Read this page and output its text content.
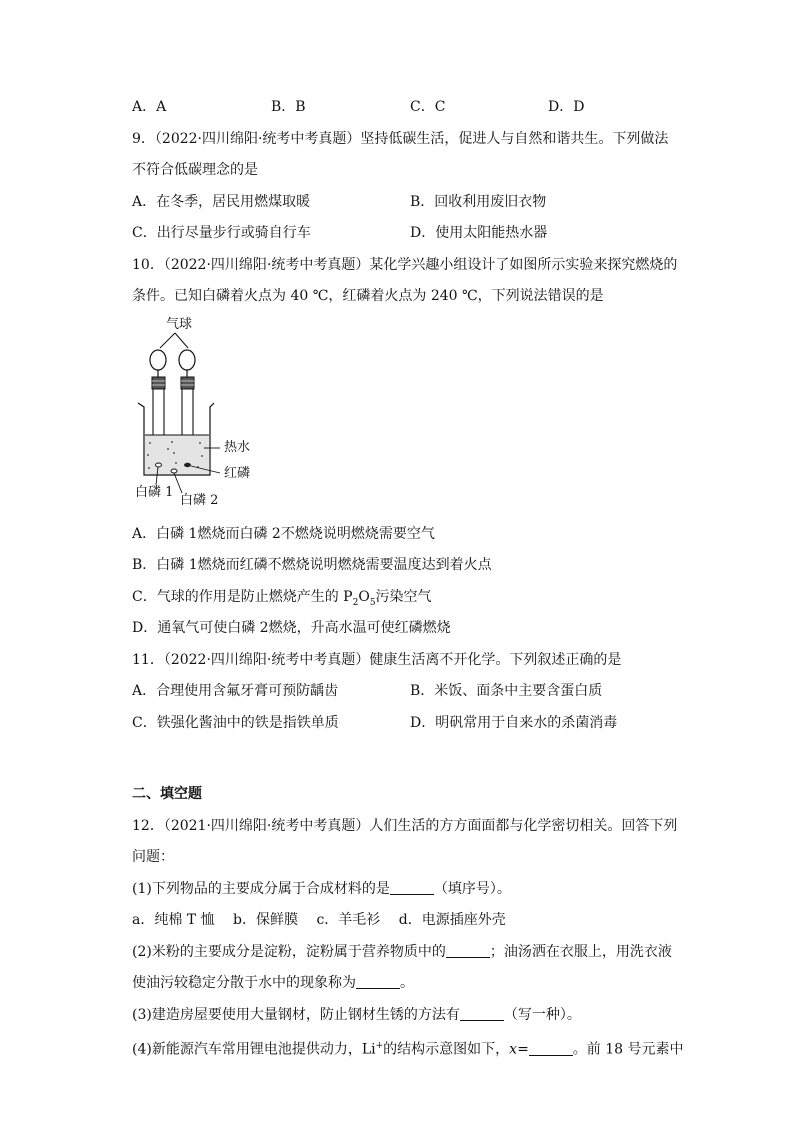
A．A	B．B	C．C	D．D
9．（2022·四川绵阳·统考中考真题）坚持低碳生活，促进人与自然和谐共生。下列做法
不符合低碳理念的是
A．在冬季，居民用燃煤取暖	B．回收利用废旧衣物
C．出行尽量步行或骑自行车	D．使用太阳能热水器
10．（2022·四川绵阳·统考中考真题）某化学兴趣小组设计了如图所示实验来探究燃烧的
条件。已知白磷着火点为 40 ℃，红磷着火点为 240 ℃，下列说法错误的是
气球
热水
红磷
白磷 1
白磷 2
A．白磷 1燃烧而白磷 2不燃烧说明燃烧需要空气
B．白磷 1燃烧而红磷不燃烧说明燃烧需要温度达到着火点
C．气球的作用是防止燃烧产生的 $P_2O_5$污染空气
D．通氧气可使白磷 2燃烧，升高水温可使红磷燃烧
11．（2022·四川绵阳·统考中考真题）健康生活离不开化学。下列叙述正确的是
A．合理使用含氟牙膏可预防龋齿	B．米饭、面条中主要含蛋白质
C．铁强化酱油中的铁是指铁单质	D．明矾常用于自来水的杀菌消毒
二、填空题
12．（2021·四川绵阳·统考中考真题）人们生活的方方面面都与化学密切相关。回答下列
问题：
(1)下列物品的主要成分属于合成材料的是	（填序号）。
a．纯棉 T 恤　 b．保鲜膜　 c．羊毛衫　 d．电源插座外壳
(2)米粉的主要成分是淀粉，淀粉属于营养物质中的	；油汤洒在衣服上，用洗衣液
使油污较稳定分散于水中的现象称为	。
(3)建造房屋要使用大量钢材，防止钢材生锈的方法有	（写一种）。
(4)新能源汽车常用锂电池提供动力，Li+的结构示意图如下，x=	。前 18 号元素中
